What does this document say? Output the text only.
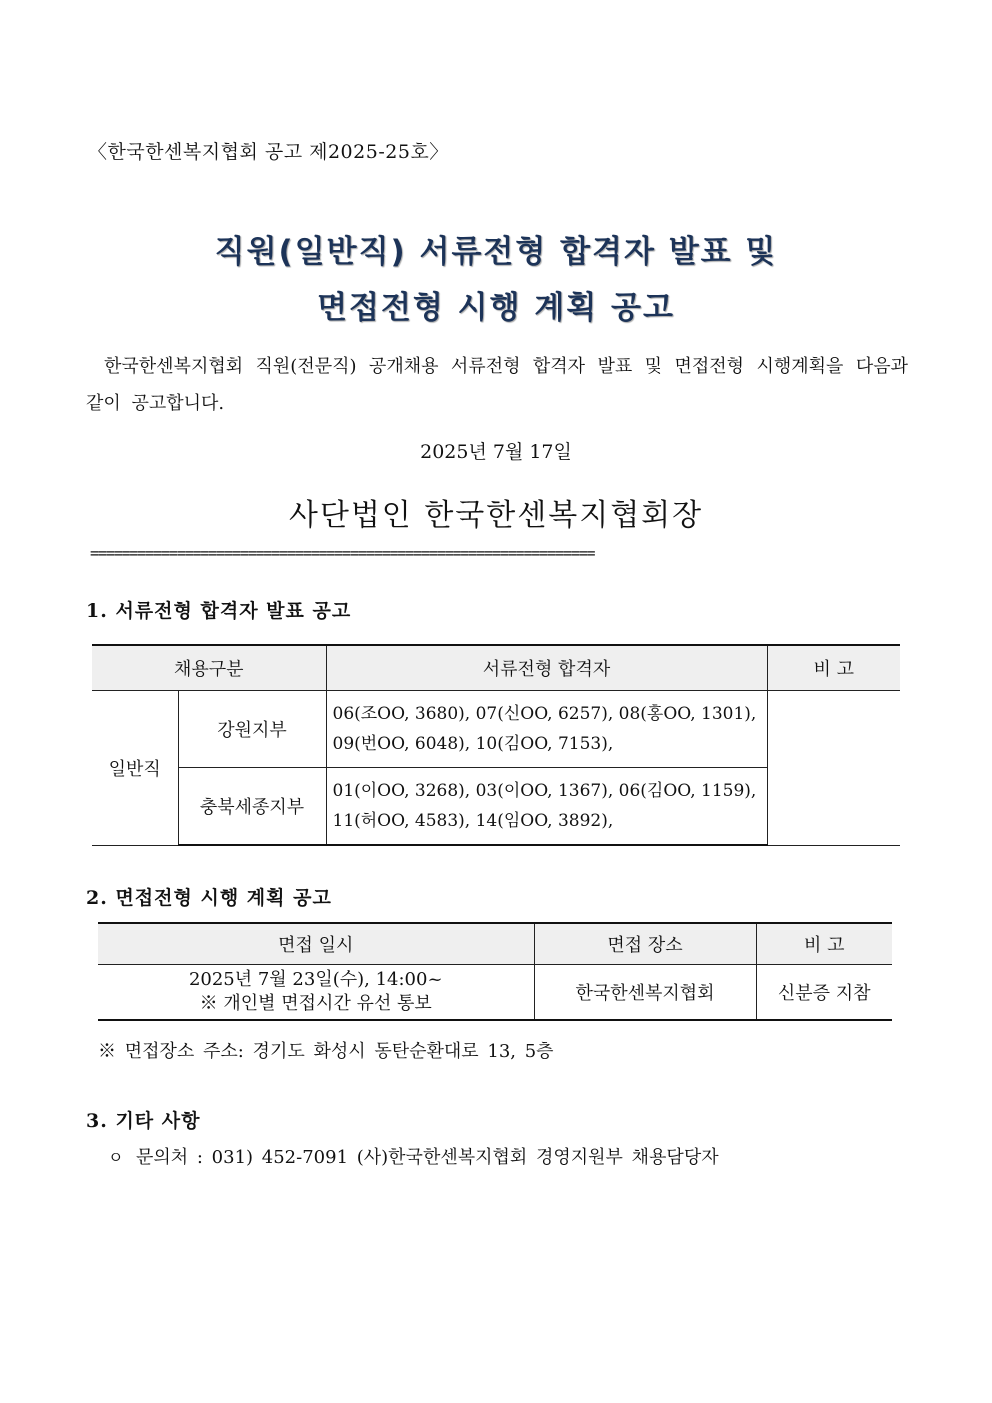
〈한국한센복지협회 공고 제2025-25호〉
직원(일반직) 서류전형 합격자 발표 및
면접전형 시행 계획 공고
한국한센복지협회 직원(전문직) 공개채용 서류전형 합격자 발표 및 면접전형 시행계획을 다음과 같이 공고합니다.
2025년 7월 17일
사단법인 한국한센복지협회장
================================================================
1. 서류전형 합격자 발표 공고
채용구분		서류전형 합격자	비 고
일반직	강원지부	06(조OO, 3680), 07(신OO, 6257), 08(홍OO, 1301),
09(번OO, 6048), 10(김OO, 7153),	

	충북세종지부	01(이OO, 3268), 03(이OO, 1367), 06(김OO, 1159),
11(허OO, 4583), 14(임OO, 3892),	
2. 면접전형 시행 계획 공고
면접 일시	면접 장소	비 고

2025년 7월 23일(수), 14:00~
※ 개인별 면접시간 유선 통보	한국한센복지협회	신분증 지참
※ 면접장소 주소: 경기도 화성시 동탄순환대로 13, 5층
3. 기타 사항
ㅇ 문의처 : 031) 452-7091 (사)한국한센복지협회 경영지원부 채용담당자
